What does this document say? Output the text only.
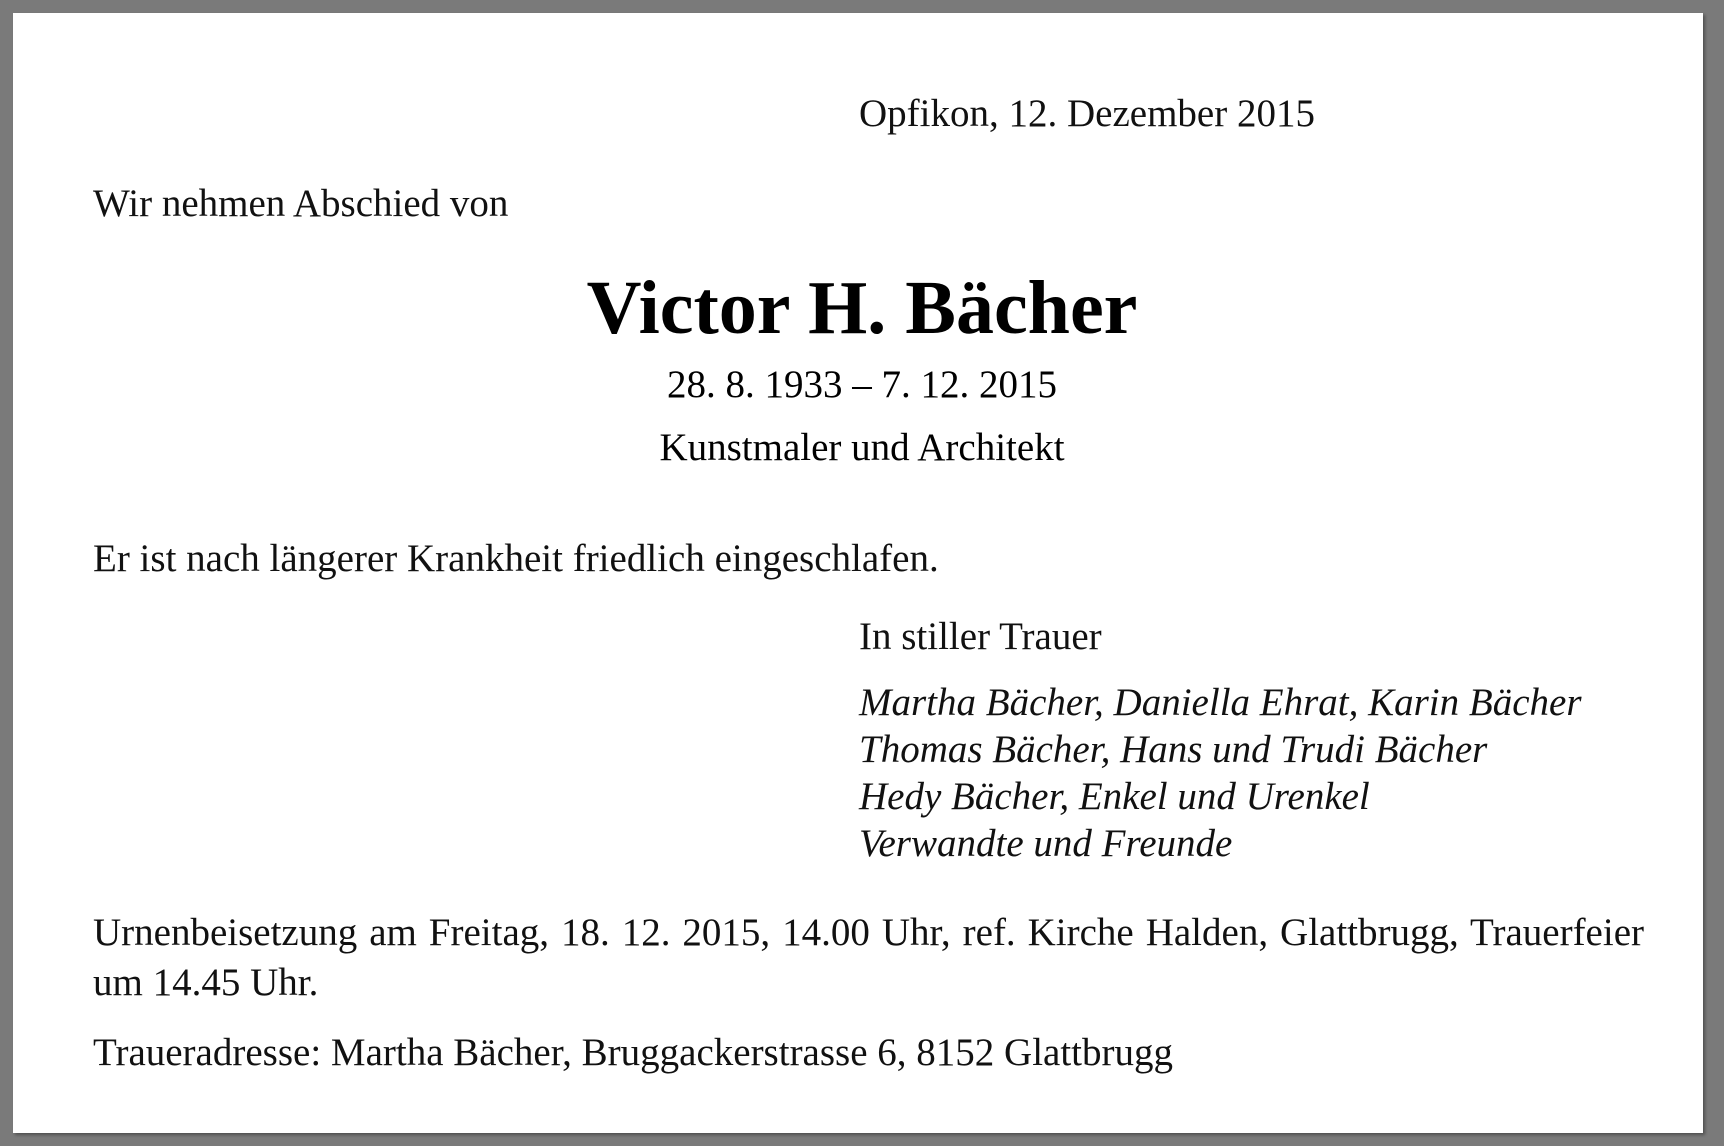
Opfikon, 12. Dezember 2015
Wir nehmen Abschied von
Victor H. Bächer
28. 8. 1933 – 7. 12. 2015
Kunstmaler und Architekt
Er ist nach längerer Krankheit friedlich eingeschlafen.
In stiller Trauer
Martha Bächer, Daniella Ehrat, Karin Bächer
Thomas Bächer, Hans und Trudi Bächer
Hedy Bächer, Enkel und Urenkel
Verwandte und Freunde
Urnenbeisetzung am Freitag, 18. 12. 2015, 14.00 Uhr, ref. Kirche Halden, Glattbrugg, Trauerfeier um 14.45 Uhr.
Traueradresse: Martha Bächer, Bruggackerstrasse 6, 8152 Glattbrugg
